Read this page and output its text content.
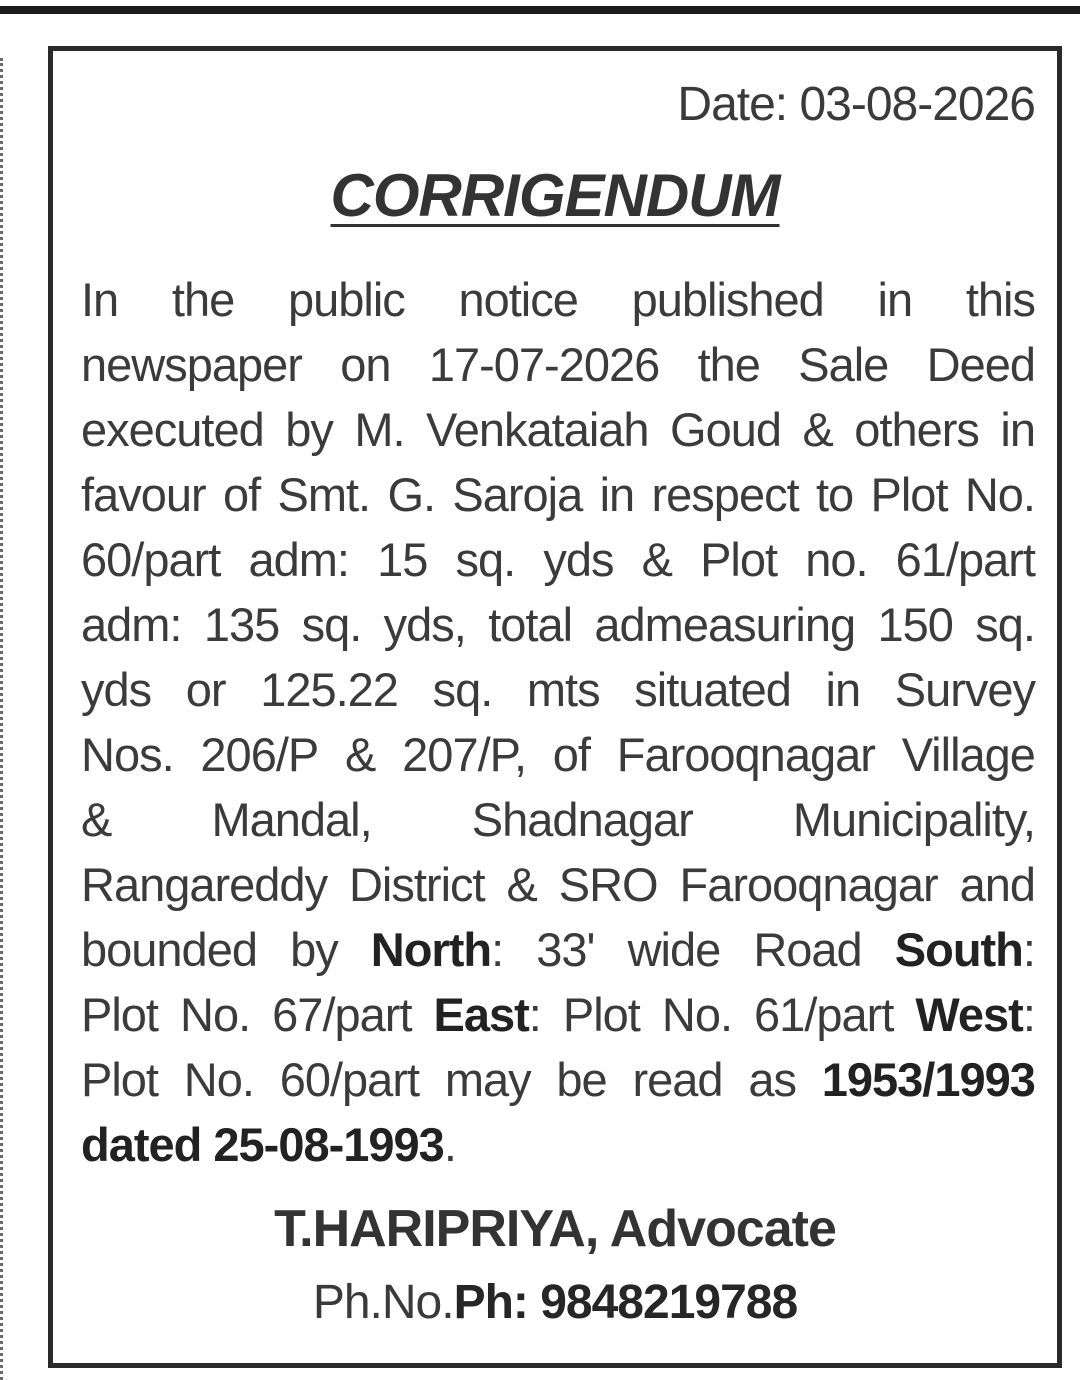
Date: 03-08-2026
CORRIGENDUM
In the public notice published in this
newspaper on 17-07-2026 the Sale Deed
executed by M. Venkataiah Goud & others in
favour of Smt. G. Saroja in respect to Plot No.
60/part adm: 15 sq. yds & Plot no. 61/part
adm: 135 sq. yds, total admeasuring 150 sq.
yds or 125.22 sq. mts situated in Survey
Nos. 206/P & 207/P, of Farooqnagar Village
& Mandal, Shadnagar Municipality,
Rangareddy District & SRO Farooqnagar and
bounded by North: 33' wide Road South:
Plot No. 67/part East: Plot No. 61/part West:
Plot No. 60/part may be read as 1953/1993
dated 25-08-1993 .
T.HARIPRIYA, Advocate
Ph.No.Ph: 9848219788
